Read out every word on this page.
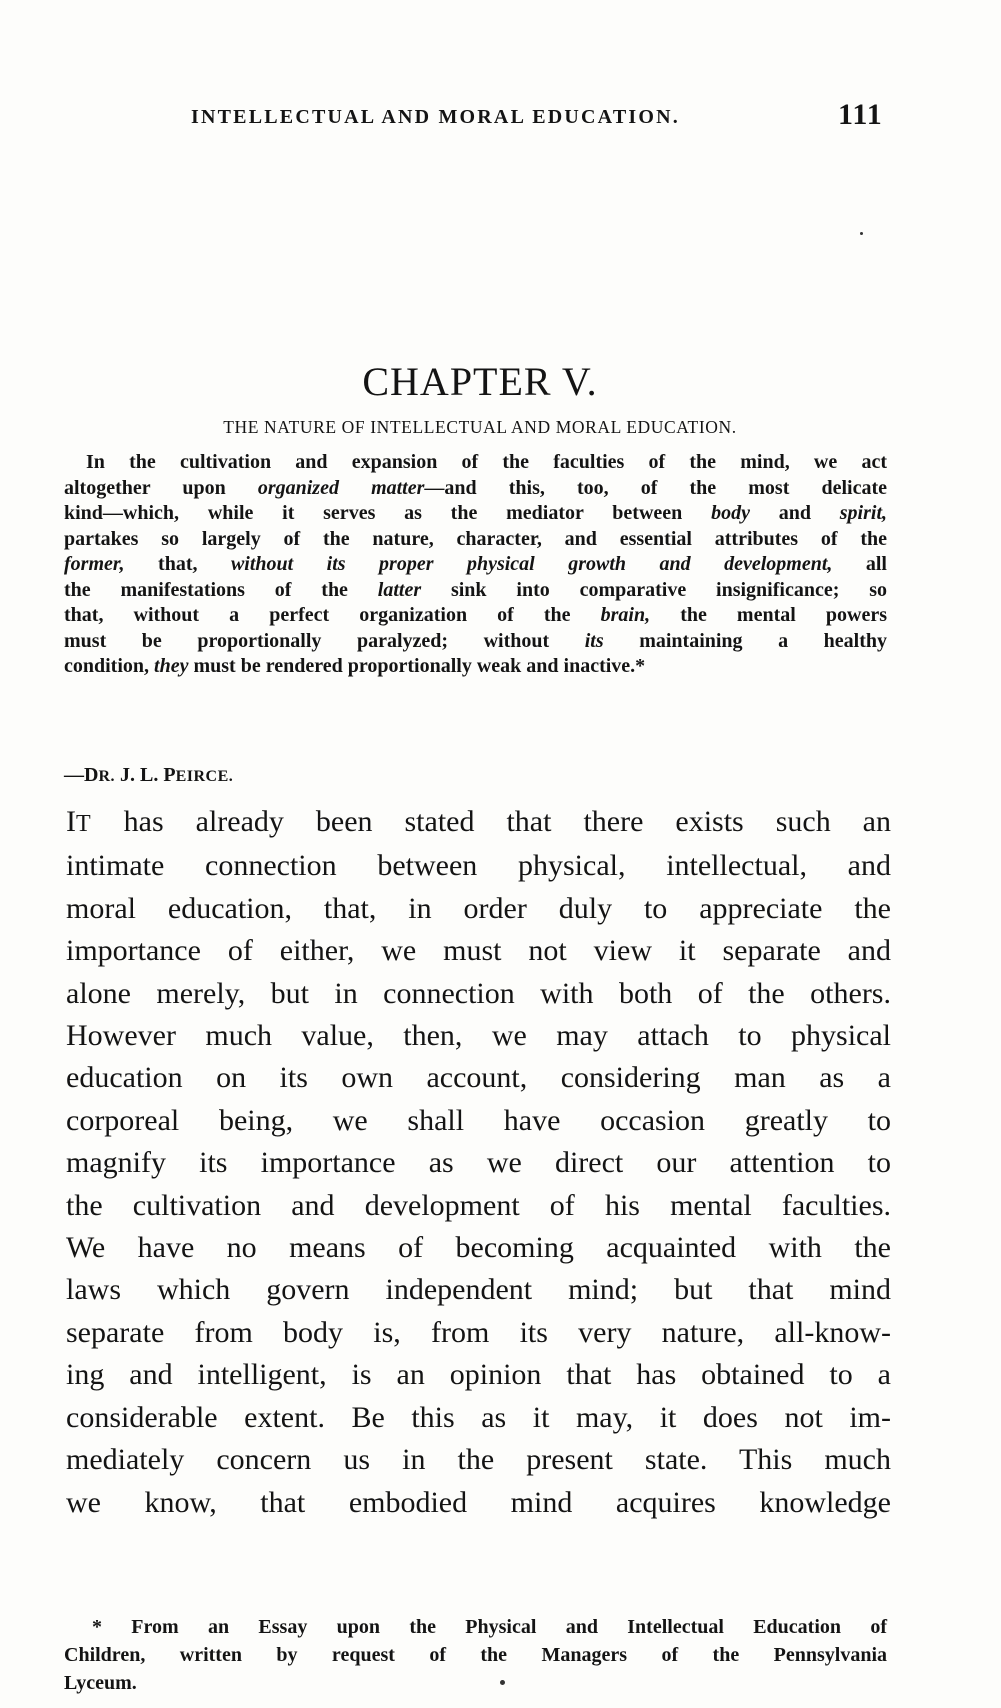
INTELLECTUAL AND MORAL EDUCATION.	111
CHAPTER V.
THE NATURE OF INTELLECTUAL AND MORAL EDUCATION.
In the cultivation and expansion of the faculties of the mind, we act
altogether upon organized matter—and this, too, of the most delicate
kind—which, while it serves as the mediator between body and spirit,
partakes so largely of the nature, character, and essential attributes of the
former, that, without its proper physical growth and development, all
the manifestations of the latter sink into comparative insignificance; so
that, without a perfect organization of the brain, the mental powers
must be proportionally paralyzed; without its maintaining a healthy
condition, they must be rendered proportionally weak and inactive.*
—DR. J. L. PEIRCE.
IT has already been stated that there exists such an
intimate connection between physical, intellectual, and
moral education, that, in order duly to appreciate the
importance of either, we must not view it separate and
alone merely, but in connection with both of the others.
However much value, then, we may attach to physical
education on its own account, considering man as a
corporeal being, we shall have occasion greatly to
magnify its importance as we direct our attention to
the cultivation and development of his mental faculties.
We have no means of becoming acquainted with the
laws which govern independent mind; but that mind
separate from body is, from its very nature, all-know-
ing and intelligent, is an opinion that has obtained to a
considerable extent. Be this as it may, it does not im-
mediately concern us in the present state. This much
we know, that embodied mind acquires knowledge
* From an Essay upon the Physical and Intellectual Education of
Children, written by request of the Managers of the Pennsylvania
Lyceum.
